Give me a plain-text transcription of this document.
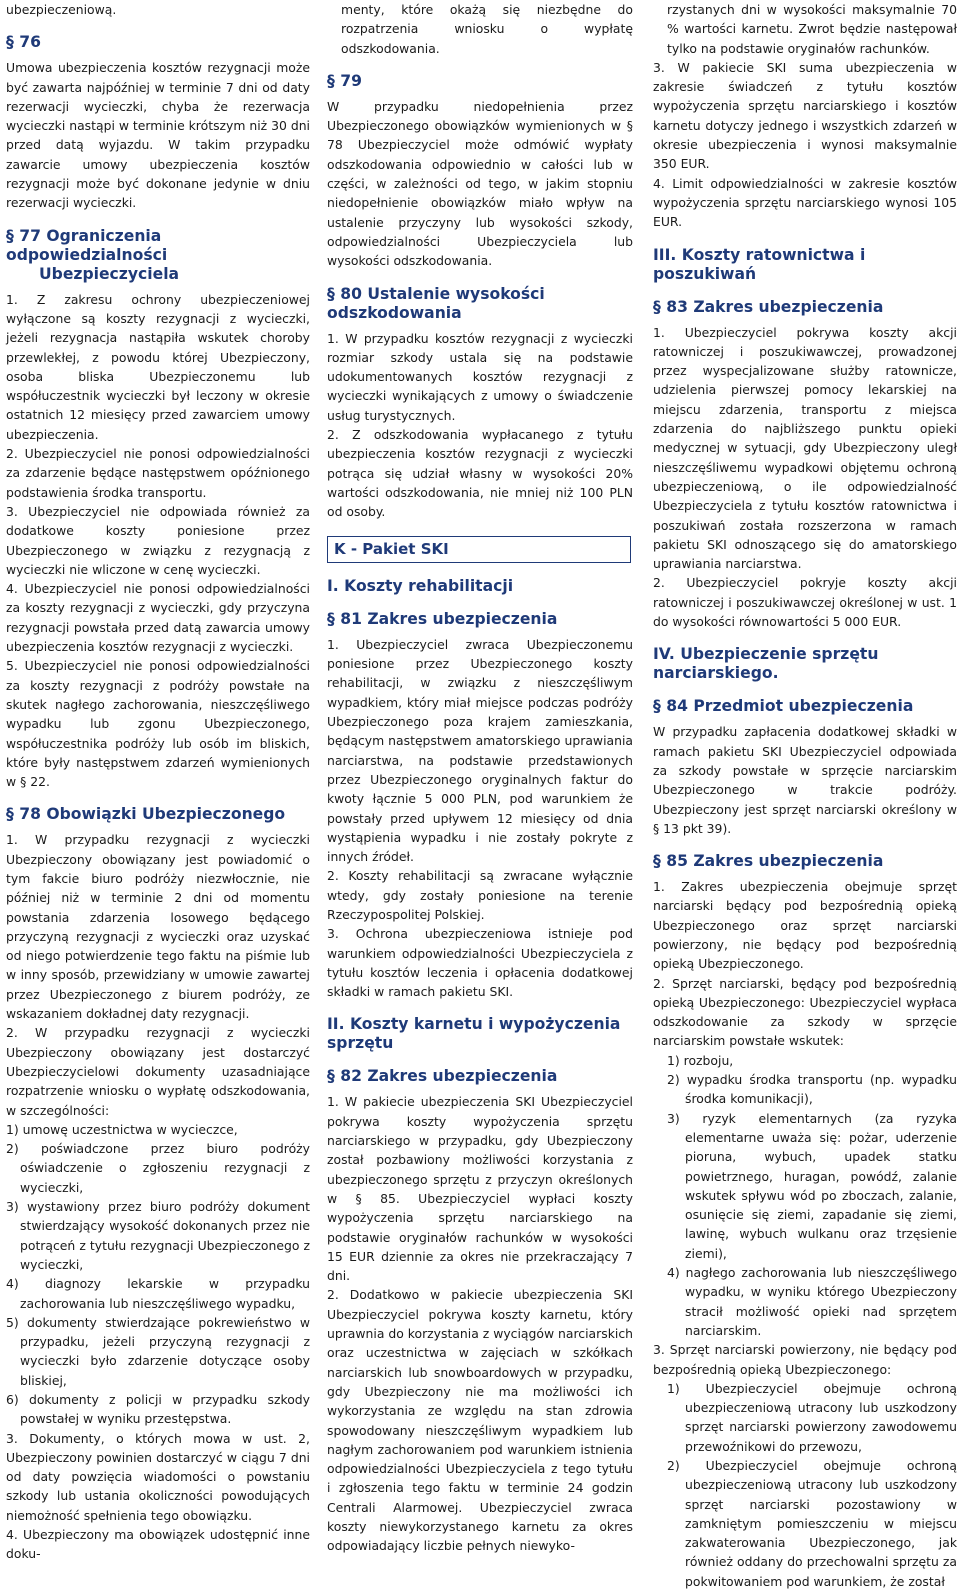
ubezpieczeniową.

§ 76

Umowa ubezpieczenia kosztów rezygnacji może być zawarta najpóźniej w terminie 7 dni od daty rezerwacji wycieczki, chyba że rezerwacja wycieczki nastąpi w terminie krótszym niż 30 dni przed datą wyjazdu. W takim przypadku zawarcie umowy ubezpieczenia kosztów rezygnacji może być dokonane jedynie w dniu rezerwacji wycieczki.

§ 77 Ograniczenia odpowiedzialności
Ubezpieczyciela

1. Z zakresu ochrony ubezpieczeniowej wyłączone są koszty rezygnacji z wycieczki, jeżeli rezygnacja nastąpiła wskutek choroby przewlekłej, z powodu której Ubezpieczony, osoba bliska Ubezpieczonemu lub współuczestnik wycieczki był leczony w okresie ostatnich 12 miesięcy przed zawarciem umowy ubezpieczenia.

2. Ubezpieczyciel nie ponosi odpowiedzialności za zdarzenie będące następstwem opóźnionego podstawienia środka transportu.

3. Ubezpieczyciel nie odpowiada również za dodatkowe koszty poniesione przez Ubezpieczonego w związku z rezygnacją z wycieczki nie wliczone w cenę wycieczki.

4. Ubezpieczyciel nie ponosi odpowiedzialności za koszty rezygnacji z wycieczki, gdy przyczyna rezygnacji powstała przed datą zawarcia umowy ubezpieczenia kosztów rezygnacji z wycieczki.

5. Ubezpieczyciel nie ponosi odpowiedzialności za koszty rezygnacji z podróży powstałe na skutek nagłego zachorowania, nieszczęśliwego wypadku lub zgonu Ubezpieczonego, współuczestnika podróży lub osób im bliskich, które były następstwem zdarzeń wymienionych w § 22.

§ 78 Obowiązki Ubezpieczonego

1. W przypadku rezygnacji z wycieczki Ubezpieczony obowiązany jest powiadomić o tym fakcie biuro podróży niezwłocznie, nie później niż w terminie 2 dni od momentu powstania zdarzenia losowego będącego przyczyną rezygnacji z wycieczki oraz uzyskać od niego potwierdzenie tego faktu na piśmie lub w inny sposób, przewidziany w umowie zawartej przez Ubezpieczonego z biurem podróży, ze wskazaniem dokładnej daty rezygnacji.

2. W przypadku rezygnacji z wycieczki Ubezpieczony obowiązany jest dostarczyć Ubezpieczycielowi dokumenty uzasadniające rozpatrzenie wniosku o wypłatę odszkodowania, w szczególności:

1) umowę uczestnictwa w wycieczce,

2) poświadczone przez biuro podróży oświadczenie o zgłoszeniu rezygnacji z wycieczki,

3) wystawiony przez biuro podróży dokument stwierdzający wysokość dokonanych przez nie potrąceń z tytułu rezygnacji Ubezpieczonego z wycieczki,

4) diagnozy lekarskie w przypadku zachorowania lub nieszczęśliwego wypadku,

5) dokumenty stwierdzające pokrewieństwo w przypadku, jeżeli przyczyną rezygnacji z wycieczki było zdarzenie dotyczące osoby bliskiej,

6) dokumenty z policji w przypadku szkody powstałej w wyniku przestępstwa.

3. Dokumenty, o których mowa w ust. 2, Ubezpieczony powinien dostarczyć w ciągu 7 dni od daty powzięcia wiadomości o powstaniu szkody lub ustania okoliczności powodujących niemożność spełnienia tego obowiązku.

4. Ubezpieczony ma obowiązek udostępnić inne doku-

menty, które okażą się niezbędne do rozpatrzenia wniosku o wypłatę odszkodowania.

§ 79

W przypadku niedopełnienia przez Ubezpieczonego obowiązków wymienionych w § 78 Ubezpieczyciel może odmówić wypłaty odszkodowania odpowiednio w całości lub w części, w zależności od tego, w jakim stopniu niedopełnienie obowiązków miało wpływ na ustalenie przyczyny lub wysokości szkody, odpowiedzialności Ubezpieczyciela lub wysokości odszkodowania.

§ 80 Ustalenie wysokości odszkodowania

1. W przypadku kosztów rezygnacji z wycieczki rozmiar szkody ustala się na podstawie udokumentowanych kosztów rezygnacji z wycieczki wynikających z umowy o świadczenie usług turystycznych.

2. Z odszkodowania wypłacanego z tytułu ubezpieczenia kosztów rezygnacji z wycieczki potrąca się udział własny w wysokości 20% wartości odszkodowania, nie mniej niż 100 PLN od osoby.

K - Pakiet SKI
I. Koszty rehabilitacji
§ 81 Zakres ubezpieczenia

1. Ubezpieczyciel zwraca Ubezpieczonemu poniesione przez Ubezpieczonego koszty rehabilitacji, w związku z nieszczęśliwym wypadkiem, który miał miejsce podczas podróży Ubezpieczonego poza krajem zamieszkania, będącym następstwem amatorskiego uprawiania narciarstwa, na podstawie przedstawionych przez Ubezpieczonego oryginalnych faktur do kwoty łącznie 5 000 PLN, pod warunkiem że powstały przed upływem 12 miesięcy od dnia wystąpienia wypadku i nie zostały pokryte z innych źródeł.

2. Koszty rehabilitacji są zwracane wyłącznie wtedy, gdy zostały poniesione na terenie Rzeczypospolitej Polskiej.

3. Ochrona ubezpieczeniowa istnieje pod warunkiem odpowiedzialności Ubezpieczyciela z tytułu kosztów leczenia i opłacenia dodatkowej składki w ramach pakietu SKI.

II. Koszty karnetu i wypożyczenia sprzętu
§ 82 Zakres ubezpieczenia

1. W pakiecie ubezpieczenia SKI Ubezpieczyciel pokrywa koszty wypożyczenia sprzętu narciarskiego w przypadku, gdy Ubezpieczony został pozbawiony możliwości korzystania z ubezpieczonego sprzętu z przyczyn określonych w § 85. Ubezpieczyciel wypłaci koszty wypożyczenia sprzętu narciarskiego na podstawie oryginałów rachunków w wysokości 15 EUR dziennie za okres nie przekraczający 7 dni.

2. Dodatkowo w pakiecie ubezpieczenia SKI Ubezpieczyciel pokrywa koszty karnetu, który uprawnia do korzystania z wyciągów narciarskich oraz uczestnictwa w zajęciach w szkółkach narciarskich lub snowboardowych w przypadku, gdy Ubezpieczony nie ma możliwości ich wykorzystania ze względu na stan zdrowia spowodowany nieszczęśliwym wypadkiem lub nagłym zachorowaniem pod warunkiem istnienia odpowiedzialności Ubezpieczyciela z tego tytułu i zgłoszenia tego faktu w terminie 24 godzin Centrali Alarmowej. Ubezpieczyciel zwraca koszty niewykorzystanego karnetu za okres odpowiadający liczbie pełnych niewyko-

rzystanych dni w wysokości maksymalnie 70 % wartości karnetu. Zwrot będzie następował tylko na podstawie oryginałów rachunków.

3. W pakiecie SKI suma ubezpieczenia w zakresie świadczeń z tytułu kosztów wypożyczenia sprzętu narciarskiego i kosztów karnetu dotyczy jednego i wszystkich zdarzeń w okresie ubezpieczenia i wynosi maksymalnie 350 EUR.

4. Limit odpowiedzialności w zakresie kosztów wypożyczenia sprzętu narciarskiego wynosi 105 EUR.

III. Koszty ratownictwa i poszukiwań
§ 83 Zakres ubezpieczenia

1. Ubezpieczyciel pokrywa koszty akcji ratowniczej i poszukiwawczej, prowadzonej przez wyspecjalizowane służby ratownicze, udzielenia pierwszej pomocy lekarskiej na miejscu zdarzenia, transportu z miejsca zdarzenia do najbliższego punktu opieki medycznej w sytuacji, gdy Ubezpieczony uległ nieszczęśliwemu wypadkowi objętemu ochroną ubezpieczeniową, o ile odpowiedzialność Ubezpieczyciela z tytułu kosztów ratownictwa i poszukiwań została rozszerzona w ramach pakietu SKI odnoszącego się do amatorskiego uprawiania narciarstwa.

2. Ubezpieczyciel pokryje koszty akcji ratowniczej i poszukiwawczej określonej w ust. 1 do wysokości równowartości 5 000 EUR.

IV. Ubezpieczenie sprzętu narciarskiego.
§ 84 Przedmiot ubezpieczenia

W przypadku zapłacenia dodatkowej składki w ramach pakietu SKI Ubezpieczyciel odpowiada za szkody powstałe w sprzęcie narciarskim Ubezpieczonego w trakcie podróży. Ubezpieczony jest sprzęt narciarski określony w § 13 pkt 39).

§ 85 Zakres ubezpieczenia

1. Zakres ubezpieczenia obejmuje sprzęt narciarski będący pod bezpośrednią opieką Ubezpieczonego oraz sprzęt narciarski powierzony, nie będący pod bezpośrednią opieką Ubezpieczonego.

2. Sprzęt narciarski, będący pod bezpośrednią opieką Ubezpieczonego: Ubezpieczyciel wypłaca odszkodowanie za szkody w sprzęcie narciarskim powstałe wskutek:

1) rozboju,

2) wypadku środka transportu (np. wypadku środka komunikacji),

3) ryzyk elementarnych (za ryzyka elementarne uważa się: pożar, uderzenie pioruna, wybuch, upadek statku powietrznego, huragan, powódź, zalanie wskutek spływu wód po zboczach, zalanie, osunięcie się ziemi, zapadanie się ziemi, lawinę, wybuch wulkanu oraz trzęsienie ziemi),

4) nagłego zachorowania lub nieszczęśliwego wypadku, w wyniku którego Ubezpieczony stracił możliwość opieki nad sprzętem narciarskim.

3. Sprzęt narciarski powierzony, nie będący pod bezpośrednią opieką Ubezpieczonego:

1) Ubezpieczyciel obejmuje ochroną ubezpieczeniową utracony lub uszkodzony sprzęt narciarski powierzony zawodowemu przewoźnikowi do przewozu,

2) Ubezpieczyciel obejmuje ochroną ubezpieczeniową utracony lub uszkodzony sprzęt narciarski pozostawiony w zamkniętym pomieszczeniu w miejscu zakwaterowania Ubezpieczonego, jak również oddany do przechowalni sprzętu za pokwitowaniem pod warunkiem, że został
